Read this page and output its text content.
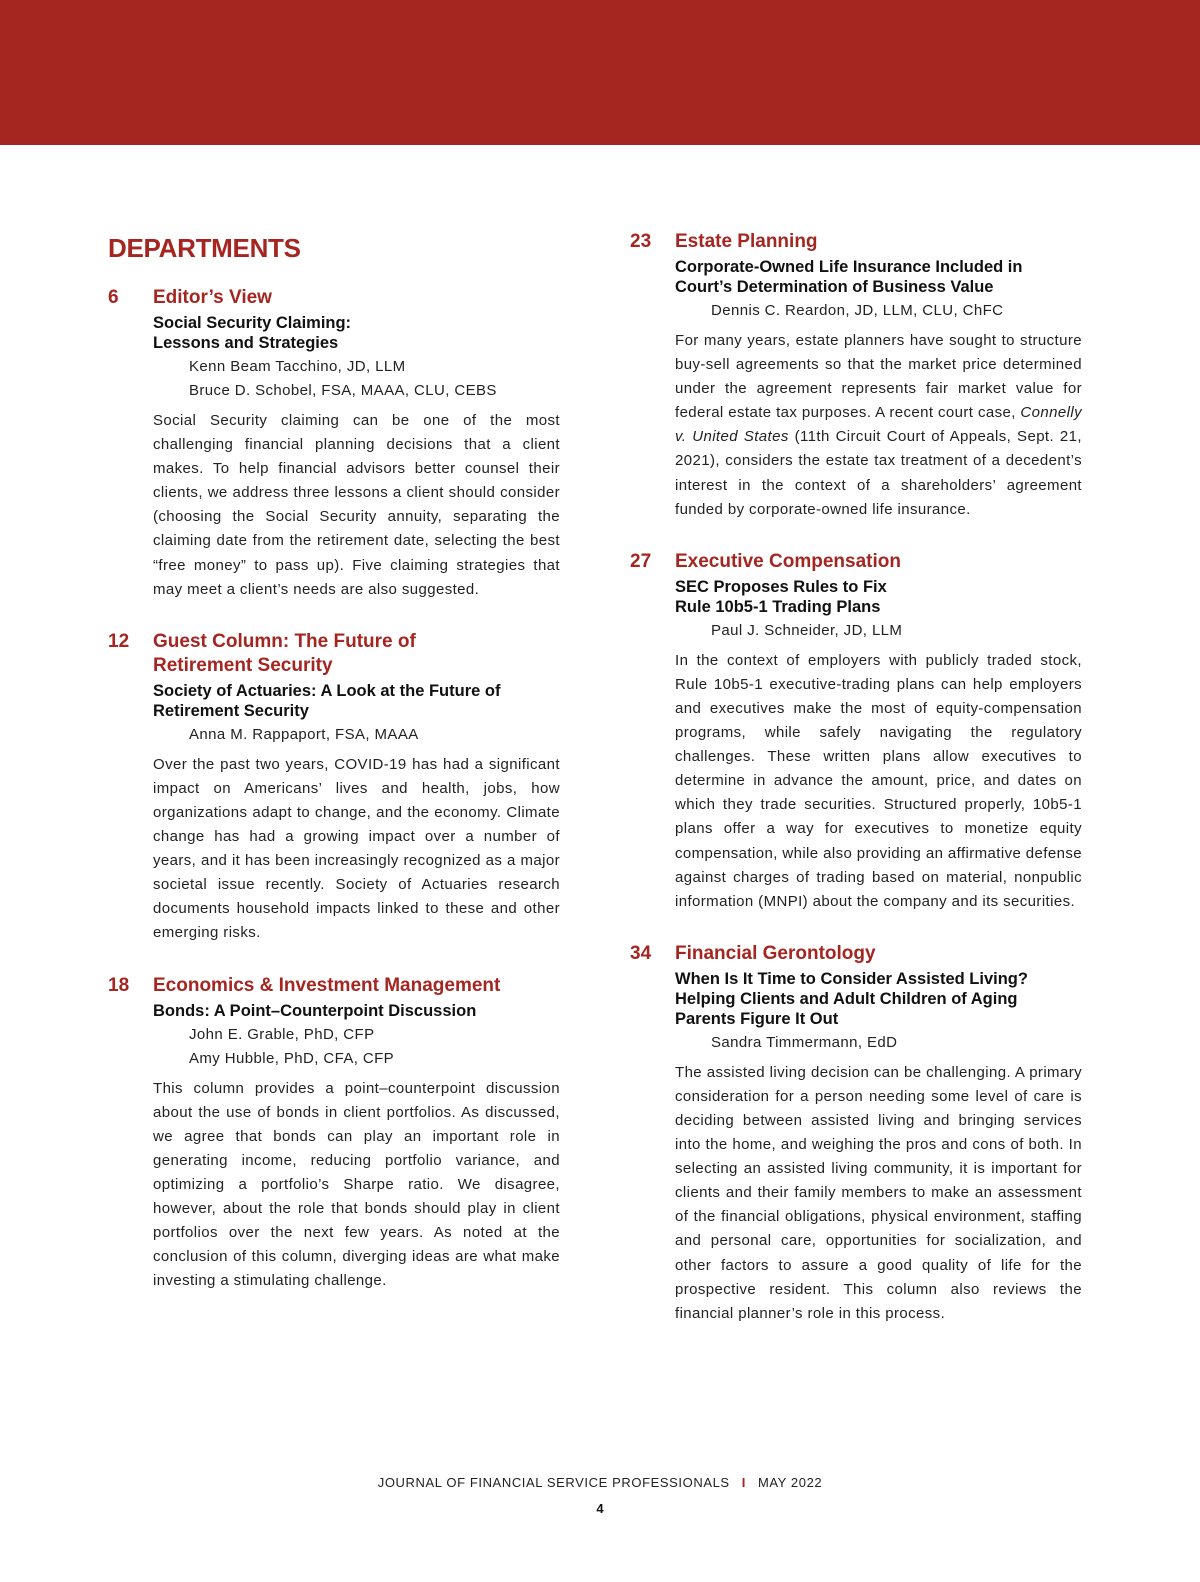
DEPARTMENTS
6	Editor’s View
Social Security Claiming:
Lessons and Strategies
Kenn Beam Tacchino, JD, LLM
Bruce D. Schobel, FSA, MAAA, CLU, CEBS
Social Security claiming can be one of the most challenging financial planning decisions that a client makes. To help financial advisors better counsel their clients, we address three lessons a client should consider (choosing the Social Security annuity, separating the claiming date from the retirement date, selecting the best “free money” to pass up). Five claiming strategies that may meet a client’s needs are also suggested.
12	Guest Column: The Future of
Retirement Security
Society of Actuaries: A Look at the Future of
Retirement Security
Anna M. Rappaport, FSA, MAAA
Over the past two years, COVID-19 has had a significant impact on Americans’ lives and health, jobs, how organizations adapt to change, and the economy. Climate change has had a growing impact over a number of years, and it has been increasingly recognized as a major societal issue recently. Society of Actuaries research documents household impacts linked to these and other emerging risks.
18	Economics & Investment Management
Bonds: A Point–Counterpoint Discussion
John E. Grable, PhD, CFP
Amy Hubble, PhD, CFA, CFP
This column provides a point–counterpoint discussion about the use of bonds in client portfolios. As discussed, we agree that bonds can play an important role in generating income, reducing portfolio variance, and optimizing a portfolio’s Sharpe ratio. We disagree, however, about the role that bonds should play in client portfolios over the next few years. As noted at the conclusion of this column, diverging ideas are what make investing a stimulating challenge.
23	Estate Planning
Corporate-Owned Life Insurance Included in
Court’s Determination of Business Value
Dennis C. Reardon, JD, LLM, CLU, ChFC
For many years, estate planners have sought to structure buy-sell agreements so that the market price determined under the agreement represents fair market value for federal estate tax purposes. A recent court case, Connelly v. United States (11th Circuit Court of Appeals, Sept. 21, 2021), considers the estate tax treatment of a decedent’s interest in the context of a shareholders’ agreement funded by corporate-owned life insurance.
27	Executive Compensation
SEC Proposes Rules to Fix
Rule 10b5-1 Trading Plans
Paul J. Schneider, JD, LLM
In the context of employers with publicly traded stock, Rule 10b5-1 executive-trading plans can help employers and executives make the most of equity-compensation programs, while safely navigating the regulatory challenges. These written plans allow executives to determine in advance the amount, price, and dates on which they trade securities. Structured properly, 10b5-1 plans offer a way for executives to monetize equity compensation, while also providing an affirmative defense against charges of trading based on material, nonpublic information (MNPI) about the company and its securities.
34	Financial Gerontology
When Is It Time to Consider Assisted Living?
Helping Clients and Adult Children of Aging
Parents Figure It Out
Sandra Timmermann, EdD
The assisted living decision can be challenging. A primary consideration for a person needing some level of care is deciding between assisted living and bringing services into the home, and weighing the pros and cons of both. In selecting an assisted living community, it is important for clients and their family members to make an assessment of the financial obligations, physical environment, staffing and personal care, opportunities for socialization, and other factors to assure a good quality of life for the prospective resident. This column also reviews the financial planner’s role in this process.
JOURNAL OF FINANCIAL SERVICE PROFESSIONALS I MAY 2022
4
